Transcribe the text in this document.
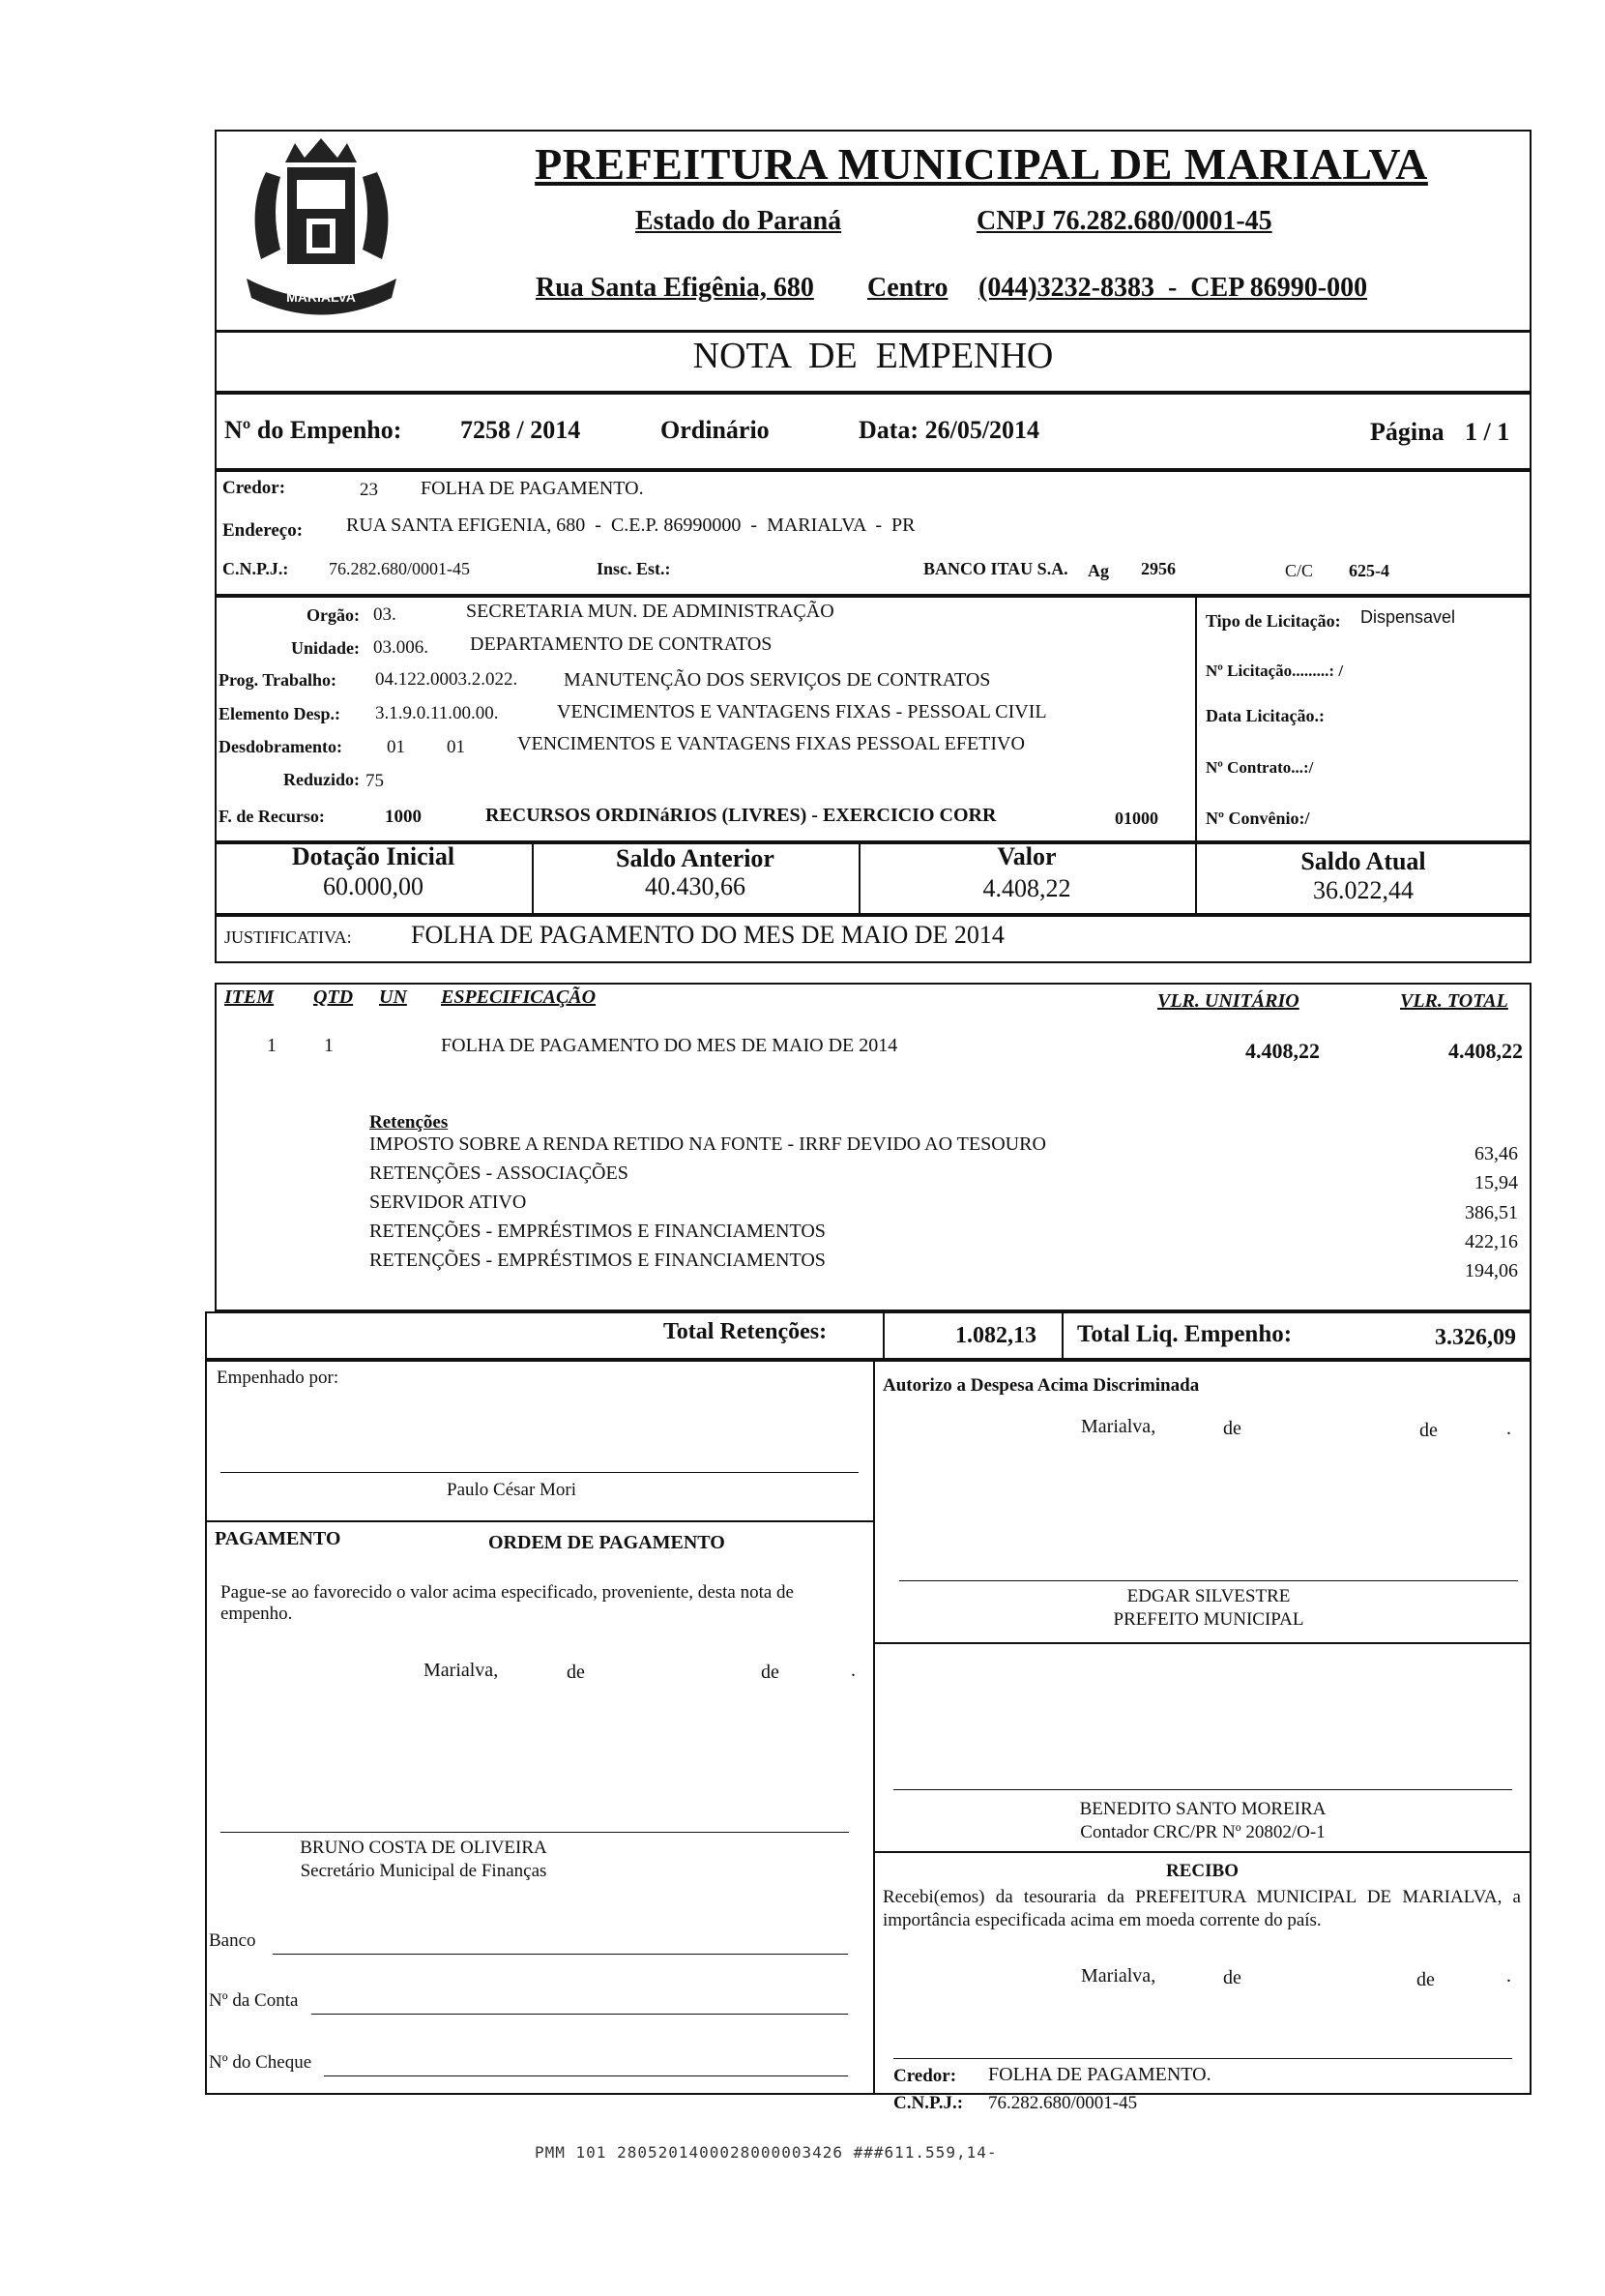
MARIALVA
PREFEITURA MUNICIPAL DE MARIALVA
Estado do Paraná	CNPJ 76.282.680/0001-45
Rua Santa Efigênia, 680 Centro (044)3232-8383  -  CEP 86990-000
NOTA  DE  EMPENHO
Nº do Empenho: 7258 / 2014	Ordinário	Data: 26/05/2014	Página 1 / 1
Credor:	23 FOLHA DE PAGAMENTO.
Endereço: RUA SANTA EFIGENIA, 680  -  C.E.P. 86990000  -  MARIALVA  -  PR
C.N.P.J.: 76.282.680/0001-45	Insc. Est.:	BANCO ITAU S.A. Ag 2956	C/C 625-4
Orgão: 03.	SECRETARIA MUN. DE ADMINISTRAÇÃO
Unidade: 03.006. DEPARTAMENTO DE CONTRATOS
Prog. Trabalho: 04.122.0003.2.022. MANUTENÇÃO DOS SERVIÇOS DE CONTRATOS
Elemento Desp.: 3.1.9.0.11.00.00.	VENCIMENTOS E VANTAGENS FIXAS - PESSOAL CIVIL
Desdobramento: 01 01	VENCIMENTOS E VANTAGENS FIXAS PESSOAL EFETIVO
Reduzido: 75
F. de Recurso:	1000	RECURSOS ORDINáRIOS (LIVRES) - EXERCICIO CORR	01000
Tipo de Licitação: Dispensavel
Nº Licitação.........: /
Data Licitação.:
Nº Contrato...:/
Nº Convênio:/
Dotação Inicial
60.000,00
Saldo Anterior
40.430,66
Valor
4.408,22
Saldo Atual
36.022,44
JUSTIFICATIVA: FOLHA DE PAGAMENTO DO MES DE MAIO DE 2014
ITEM QTD UN ESPECIFICAÇÃO	VLR. UNITÁRIO	VLR. TOTAL
1 1	FOLHA DE PAGAMENTO DO MES DE MAIO DE 2014	4.408,22	4.408,22
Retenções
IMPOSTO SOBRE A RENDA RETIDO NA FONTE - IRRF DEVIDO AO TESOURO	63,46
RETENÇÕES - ASSOCIAÇÕES	15,94
SERVIDOR ATIVO	386,51
RETENÇÕES - EMPRÉSTIMOS E FINANCIAMENTOS	422,16
RETENÇÕES - EMPRÉSTIMOS E FINANCIAMENTOS	194,06
Total Retenções:	1.082,13 Total Liq. Empenho:	3.326,09
Empenhado por:
Paulo César Mori
Autorizo a Despesa Acima Discriminada
Marialva,	de	de	.
PAGAMENTO	ORDEM DE PAGAMENTO
Pague-se ao favorecido o valor acima especificado, proveniente, desta nota de empenho.
Marialva,	de	de	.
EDGAR SILVESTRE
PREFEITO MUNICIPAL
BENEDITO SANTO MOREIRA
Contador CRC/PR Nº 20802/O-1
BRUNO COSTA DE OLIVEIRA
Secretário Municipal de Finanças	RECIBO
Recebi(emos) da tesouraria da PREFEITURA MUNICIPAL DE MARIALVA, a importância especificada acima em moeda corrente do país.
Marialva,	de	de	.
Banco
Nº da Conta
Nº do Cheque
Credor: FOLHA DE PAGAMENTO.
C.N.P.J.: 76.282.680/0001-45
PMM 101 2805201400028000003426 ###611.559,14-
